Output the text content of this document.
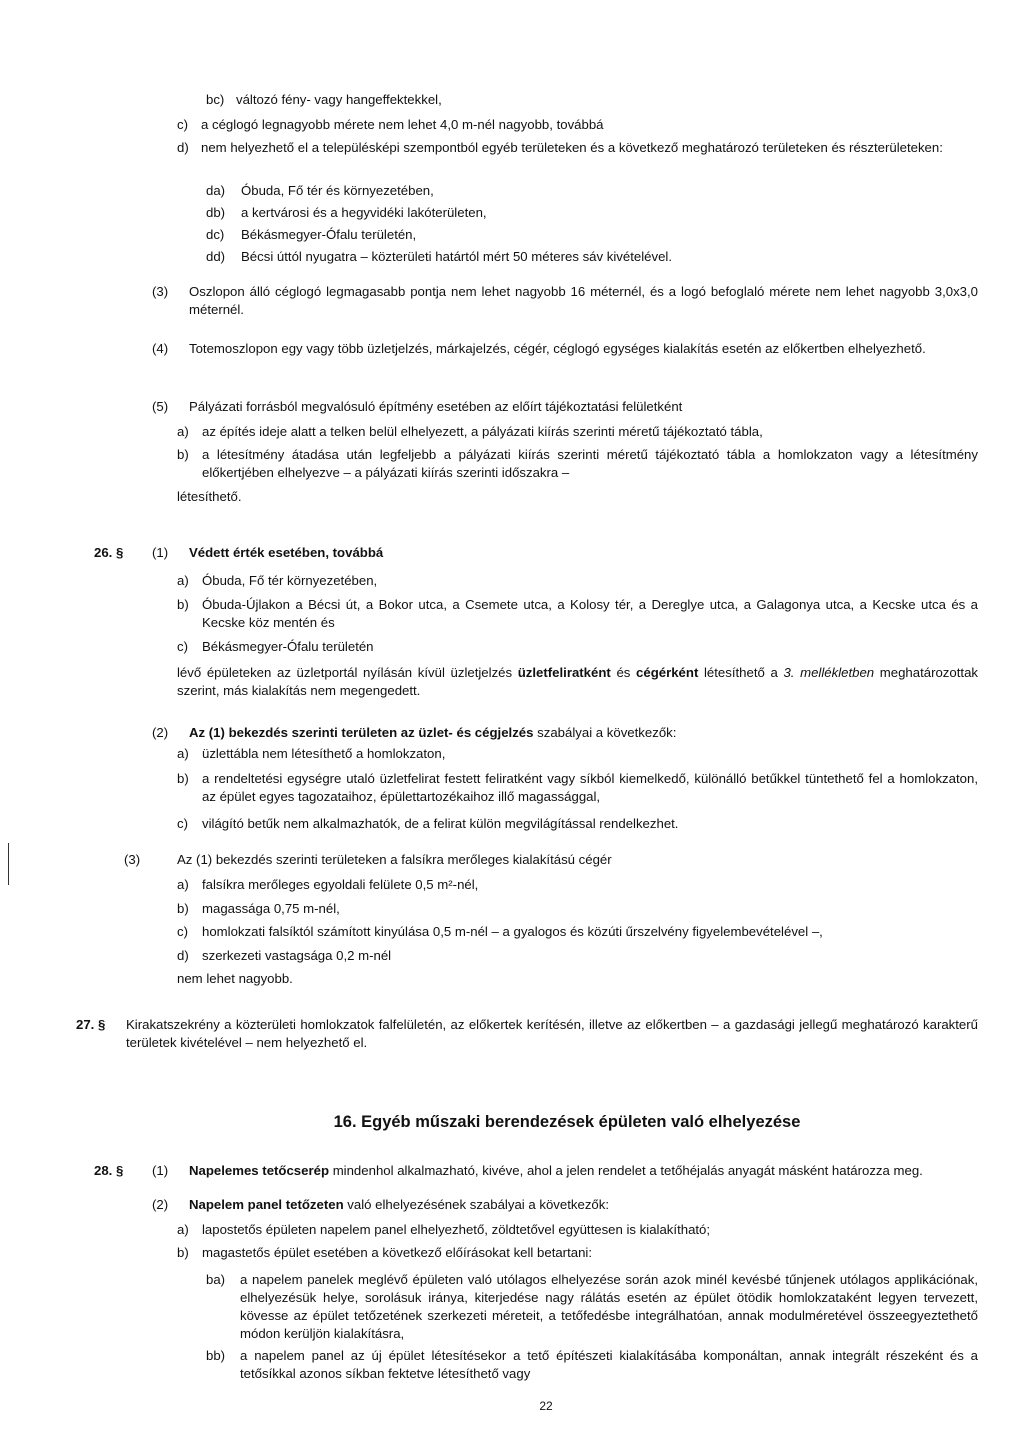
bc) változó fény- vagy hangeffektekkel,
c) a céglogó legnagyobb mérete nem lehet 4,0 m-nél nagyobb, továbbá
d) nem helyezhető el a településképi szempontból egyéb területeken és a következő meghatározó területeken és részterületeken:
da) Óbuda, Fő tér és környezetében,
db) a kertvárosi és a hegyvidéki lakóterületen,
dc) Békásmegyer-Ófalu területén,
dd) Bécsi úttól nyugatra – közterületi határtól mért 50 méteres sáv kivételével.
(3) Oszlopon álló céglogó legmagasabb pontja nem lehet nagyobb 16 méternél, és a logó befoglaló mérete nem lehet nagyobb 3,0x3,0 méternél.
(4) Totemoszlopon egy vagy több üzletjelzés, márkajelzés, cégér, céglogó egységes kialakítás esetén az előkertben elhelyezhető.
(5) Pályázati forrásból megvalósuló építmény esetében az előírt tájékoztatási felületként
a) az építés ideje alatt a telken belül elhelyezett, a pályázati kiírás szerinti méretű tájékoztató tábla,
b) a létesítmény átadása után legfeljebb a pályázati kiírás szerinti méretű tájékoztató tábla a homlokzaton vagy a létesítmény előkertjében elhelyezve – a pályázati kiírás szerinti időszakra –
létesíthető.
26. § (1) Védett érték esetében, továbbá
a) Óbuda, Fő tér környezetében,
b) Óbuda-Újlakon a Bécsi út, a Bokor utca, a Csemete utca, a Kolosy tér, a Dereglye utca, a Galagonya utca, a Kecske utca és a Kecske köz mentén és
c) Békásmegyer-Ófalu területén
lévő épületeken az üzletportál nyílásán kívül üzletjelzés üzletfeliratként és cégérként létesíthető a 3. mellékletben meghatározottak szerint, más kialakítás nem megengedett.
(2) Az (1) bekezdés szerinti területen az üzlet- és cégjelzés szabályai a következők:
a) üzlettábla nem létesíthető a homlokzaton,
b) a rendeltetési egységre utaló üzletfelirat festett feliratként vagy síkból kiemelkedő, különálló betűkkel tüntethető fel a homlokzaton, az épület egyes tagozataihoz, épülettartozékaihoz illő magassággal,
c) világító betűk nem alkalmazhatók, de a felirat külön megvilágítással rendelkezhet.
(3)	Az (1) bekezdés szerinti területeken a falsíkra merőleges kialakítású cégér
a) falsíkra merőleges egyoldali felülete 0,5 m²-nél,
b) magassága 0,75 m-nél,
c) homlokzati falsíktól számított kinyúlása 0,5 m-nél – a gyalogos és közúti űrszelvény figyelembevételével –,
d) szerkezeti vastagsága 0,2 m-nél
nem lehet nagyobb.
27. § Kirakatszekrény a közterületi homlokzatok falfelületén, az előkertek kerítésén, illetve az előkertben – a gazdasági jellegű meghatározó karakterű területek kivételével – nem helyezhető el.
16. Egyéb műszaki berendezések épületen való elhelyezése
28. § (1) Napelemes tetőcserép mindenhol alkalmazható, kivéve, ahol a jelen rendelet a tetőhéjalás anyagát másként határozza meg.
(2) Napelem panel tetőzeten való elhelyezésének szabályai a következők:
a) lapostetős épületen napelem panel elhelyezhető, zöldtetővel együttesen is kialakítható;
b) magastetős épület esetében a következő előírásokat kell betartani:
ba) a napelem panelek meglévő épületen való utólagos elhelyezése során azok minél kevésbé tűnjenek utólagos applikációnak, elhelyezésük helye, sorolásuk iránya, kiterjedése nagy rálátás esetén az épület ötödik homlokzataként legyen tervezett, kövesse az épület tetőzetének szerkezeti méreteit, a tetőfedésbe integrálhatóan, annak modulméretével összeegyeztethető módon kerüljön kialakításra,
bb) a napelem panel az új épület létesítésekor a tető építészeti kialakításába komponáltan, annak integrált részeként és a tetősíkkal azonos síkban fektetve létesíthető vagy
22
